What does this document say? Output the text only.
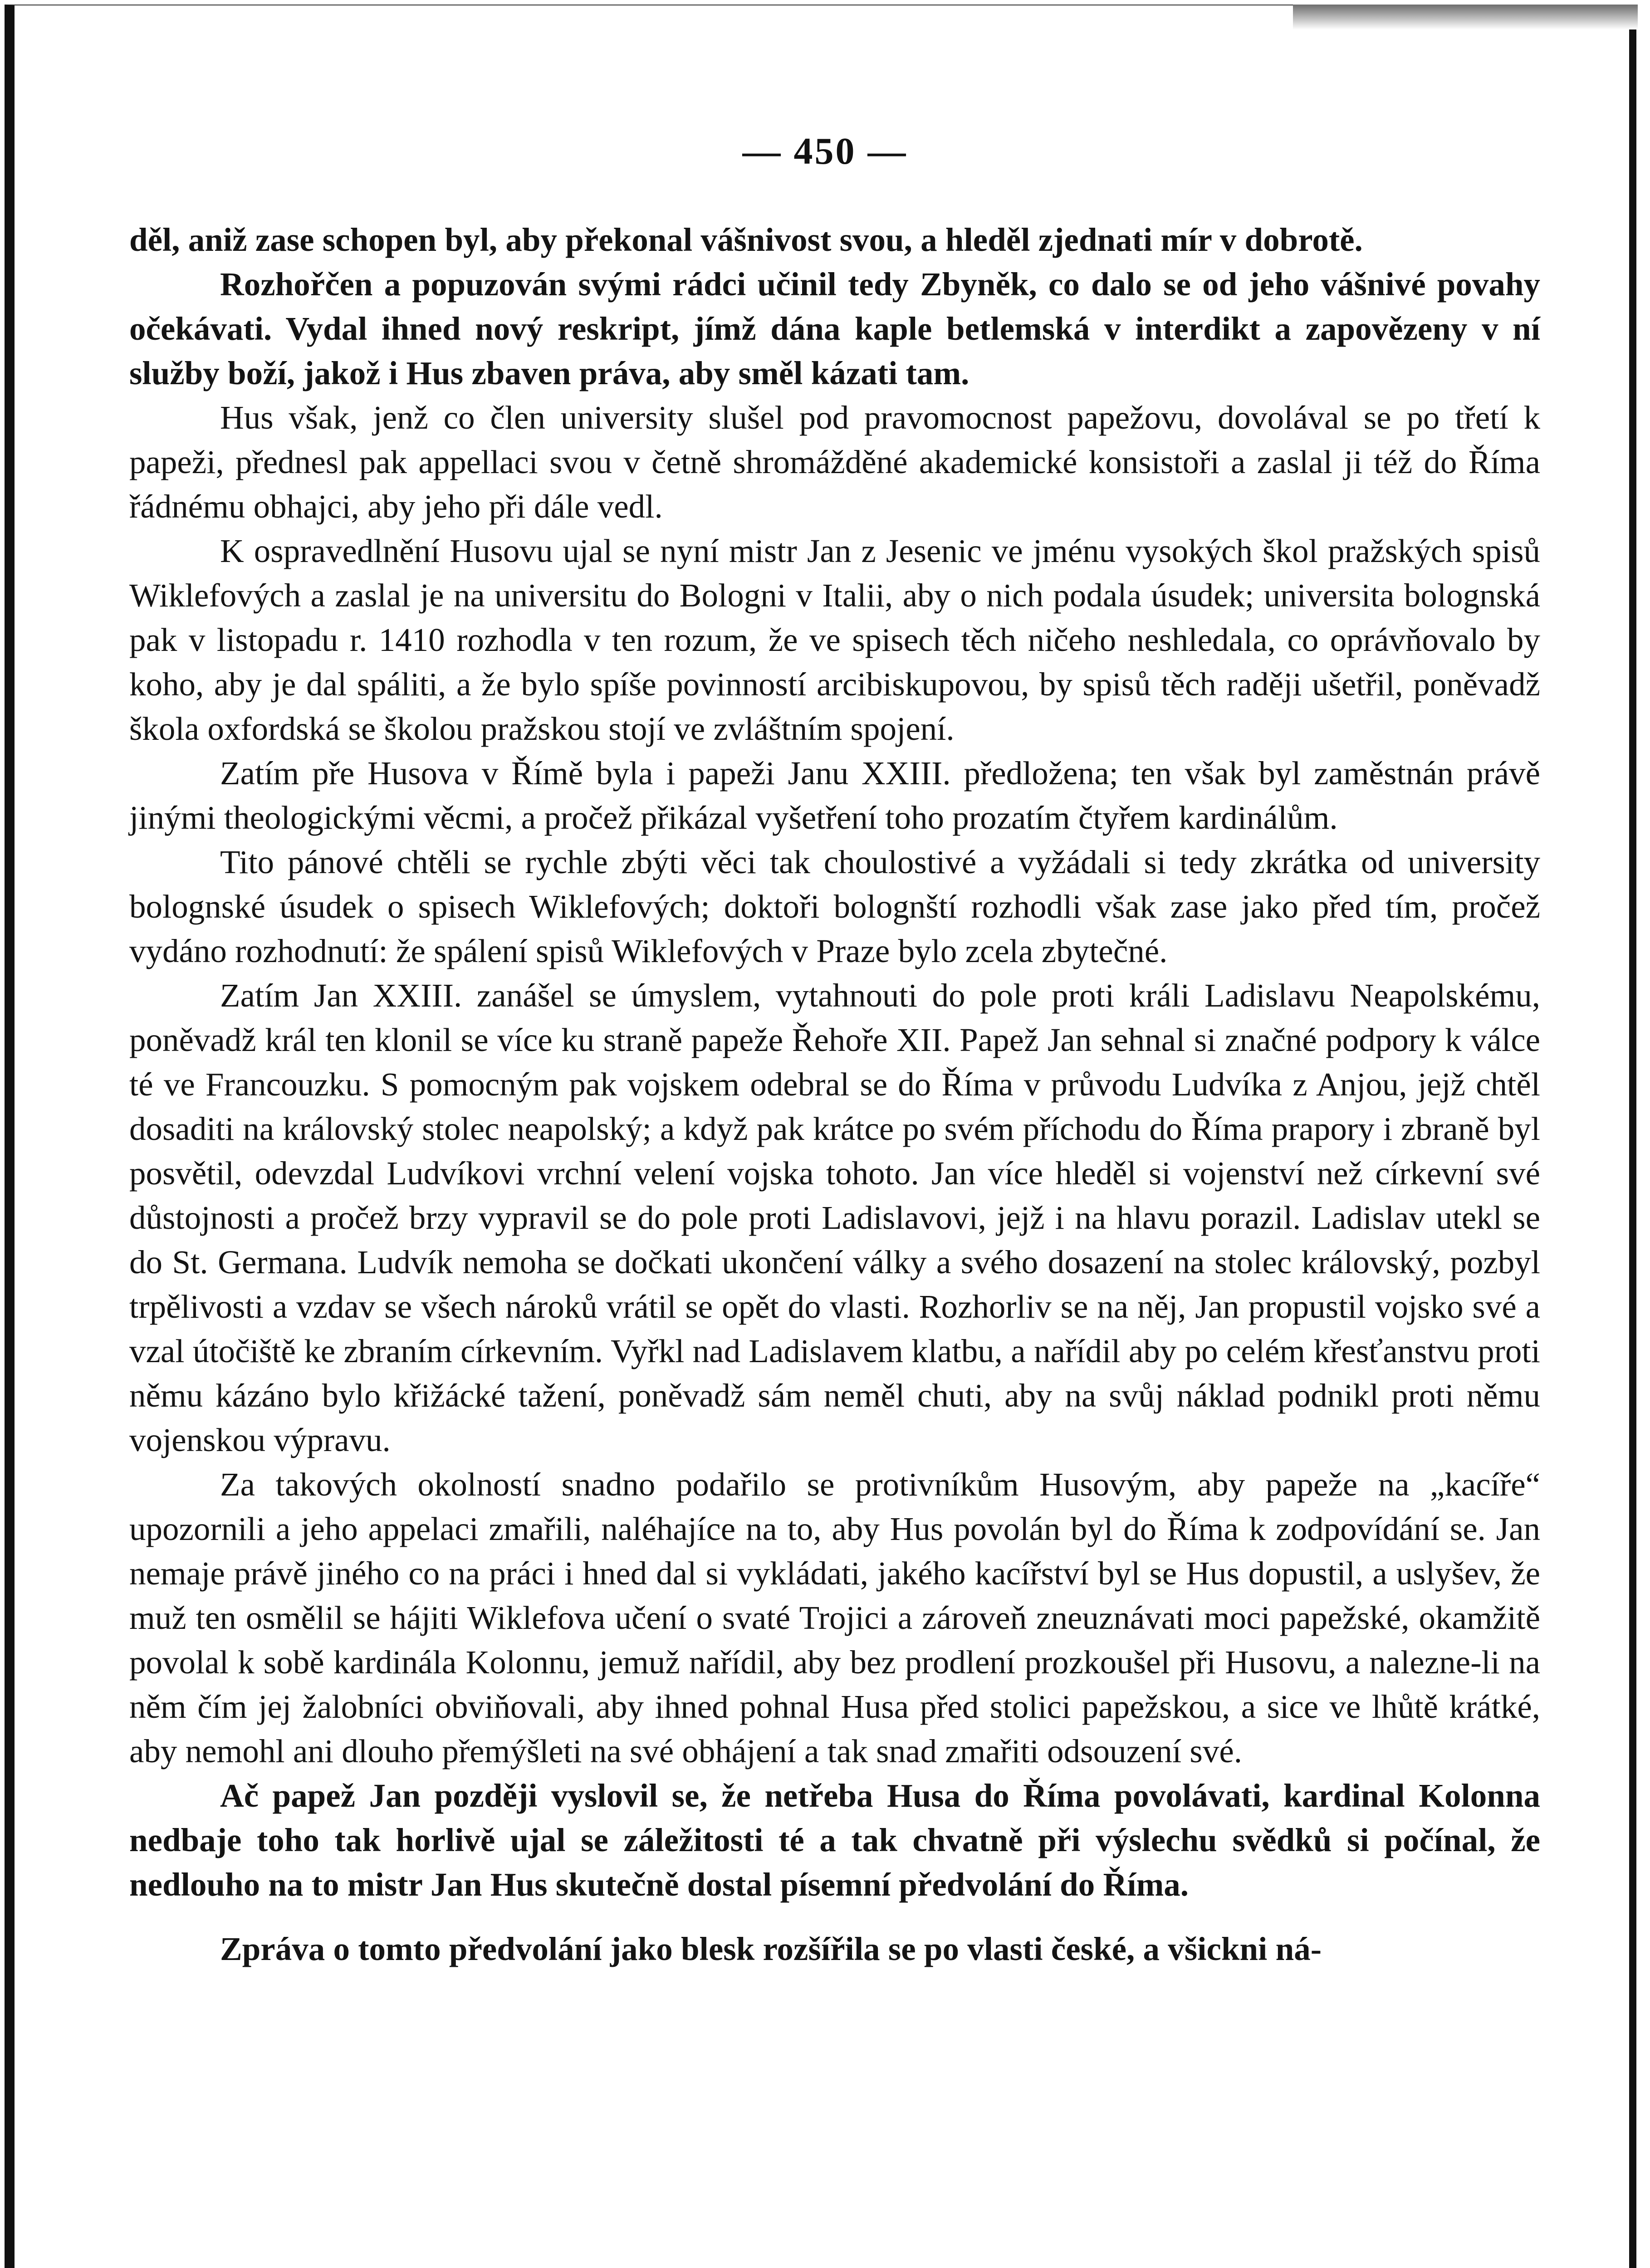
— 450 —

děl, aniž zase schopen byl, aby překonal vášnivost svou, a hleděl zjednati mír v dobrotě.

Rozhořčen a popuzován svými rádci učinil tedy Zbyněk, co dalo se od jeho vášnivé povahy očekávati. Vydal ihned nový reskript, jímž dána kaple betlemská v interdikt a zapovězeny v ní služby boží, jakož i Hus zbaven práva, aby směl kázati tam.

Hus však, jenž co člen university slušel pod pravomocnost papežovu, dovolával se po třetí k papeži, přednesl pak appellaci svou v četně shromážděné akademické konsistoři a zaslal ji též do Říma řádnému obhajci, aby jeho při dále vedl.

K ospravedlnění Husovu ujal se nyní mistr Jan z Jesenic ve jménu vysokých škol pražských spisů Wiklefových a zaslal je na universitu do Bologni v Italii, aby o nich podala úsudek; universita bolognská pak v listopadu r. 1410 rozhodla v ten rozum, že ve spisech těch ničeho neshledala, co oprávňovalo by koho, aby je dal spáliti, a že bylo spíše povinností arcibiskupovou, by spisů těch raději ušetřil, poněvadž škola oxfordská se školou pražskou stojí ve zvláštním spojení.

Zatím pře Husova v Římě byla i papeži Janu XXIII. předložena; ten však byl zaměstnán právě jinými theologickými věcmi, a pročež přikázal vyšetření toho prozatím čtyřem kardinálům.

Tito pánové chtěli se rychle zbýti věci tak choulostivé a vyžádali si tedy zkrátka od university bolognské úsudek o spisech Wiklefových; doktoři bolognští rozhodli však zase jako před tím, pročež vydáno rozhodnutí: že spálení spisů Wiklefových v Praze bylo zcela zbytečné.

Zatím Jan XXIII. zanášel se úmyslem, vytahnouti do pole proti králi Ladislavu Neapolskému, poněvadž král ten klonil se více ku straně papeže Řehoře XII. Papež Jan sehnal si značné podpory k válce té ve Francouzku. S pomocným pak vojskem odebral se do Říma v průvodu Ludvíka z Anjou, jejž chtěl dosaditi na královský stolec neapolský; a když pak krátce po svém příchodu do Říma prapory i zbraně byl posvětil, odevzdal Ludvíkovi vrchní velení vojska tohoto. Jan více hleděl si vojenství než církevní své důstojnosti a pročež brzy vypravil se do pole proti Ladislavovi, jejž i na hlavu porazil. Ladislav utekl se do St. Germana. Ludvík nemoha se dočkati ukončení války a svého dosazení na stolec královský, pozbyl trpělivosti a vzdav se všech nároků vrátil se opět do vlasti. Rozhorliv se na něj, Jan propustil vojsko své a vzal útočiště ke zbraním církevním. Vyřkl nad Ladislavem klatbu, a nařídil aby po celém křesťanstvu proti němu kázáno bylo křižácké tažení, poněvadž sám neměl chuti, aby na svůj náklad podnikl proti němu vojenskou výpravu.

Za takových okolností snadno podařilo se protivníkům Husovým, aby papeže na „kacíře“ upozornili a jeho appelaci zmařili, naléhajíce na to, aby Hus povolán byl do Říma k zodpovídání se. Jan nemaje právě jiného co na práci i hned dal si vykládati, jakého kacířství byl se Hus dopustil, a uslyšev, že muž ten osmělil se hájiti Wiklefova učení o svaté Trojici a zároveň zneuznávati moci papežské, okamžitě povolal k sobě kardinála Kolonnu, jemuž nařídil, aby bez prodlení prozkoušel při Husovu, a nalezne-li na něm čím jej žalobníci obviňovali, aby ihned pohnal Husa před stolici papežskou, a sice ve lhůtě krátké, aby nemohl ani dlouho přemýšleti na své obhájení a tak snad zmařiti odsouzení své.

Ač papež Jan později vyslovil se, že netřeba Husa do Říma povolávati, kardinal Kolonna nedbaje toho tak horlivě ujal se záležitosti té a tak chvatně při výslechu svědků si počínal, že nedlouho na to mistr Jan Hus skutečně dostal písemní předvolání do Říma.

Zpráva o tomto předvolání jako blesk rozšířila se po vlasti české, a všickni ná-
